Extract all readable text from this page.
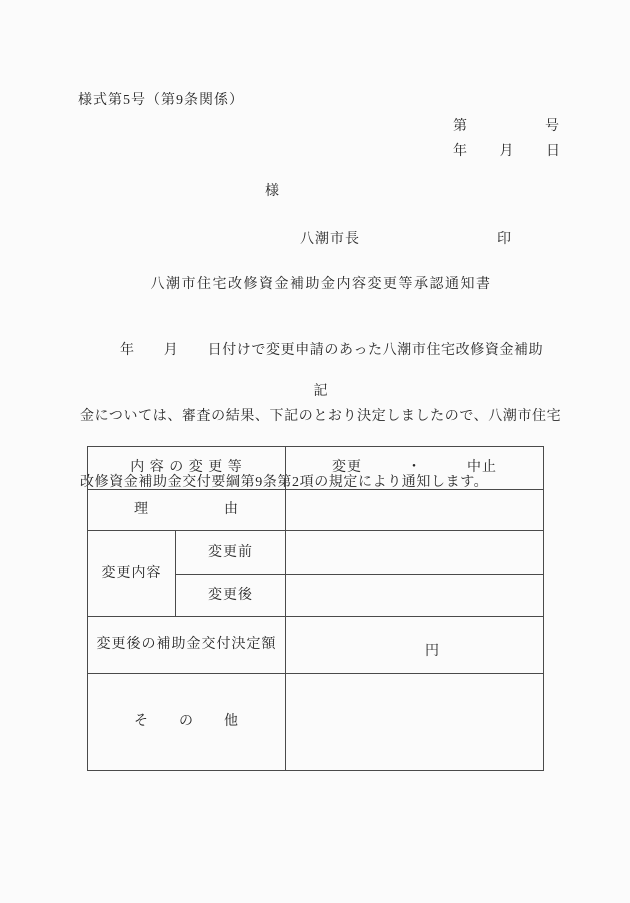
様式第5号（第9条関係）
第	号
年 月 日
様
八潮市長	印
八潮市住宅改修資金補助金内容変更等承認通知書

年　　月　　日付けで変更申請のあった八潮市住宅改修資金補助

金については、審査の結果、下記のとおり決定しましたので、八潮市住宅

改修資金補助金交付要綱第9条第2項の規定により通知します。

記
内 容 の 変 更 等		変更　　　・　　　中止
理　　　　　由		
変更内容	変更前	
	変更後	
変更後の補助金交付決定額		円

そ　　の　　他		
